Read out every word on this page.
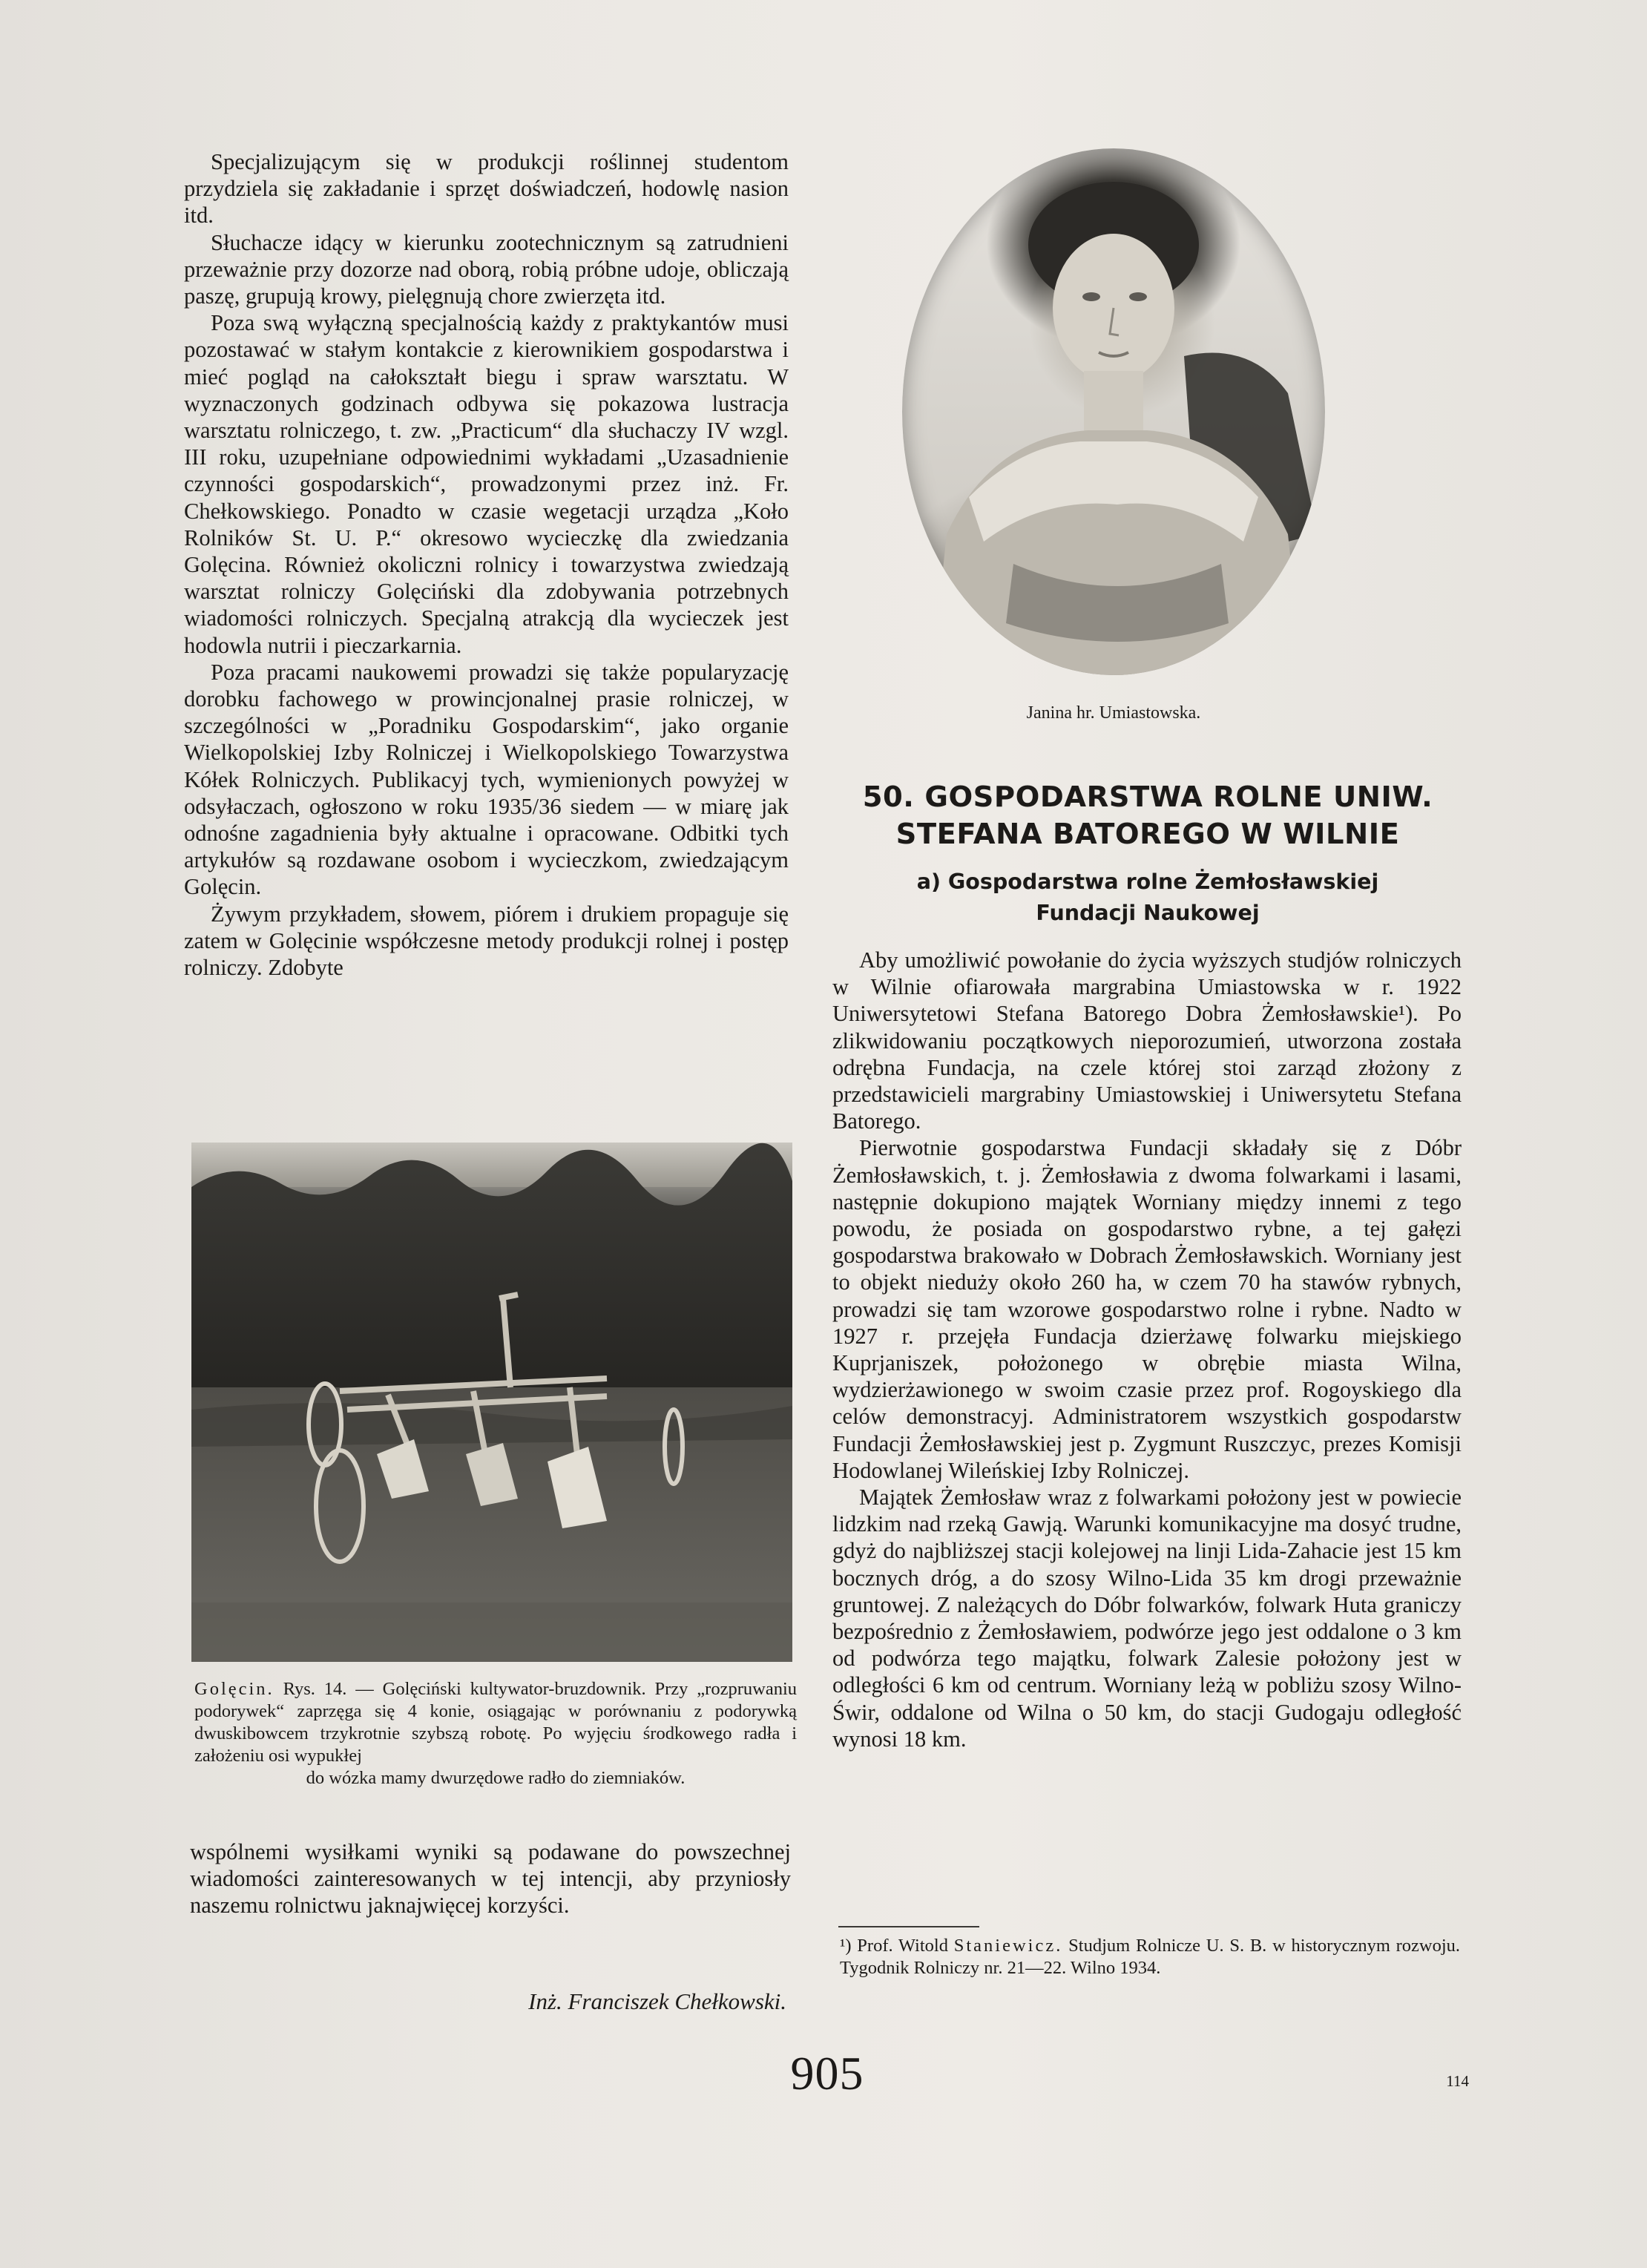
Specjalizującym się w produkcji roślinnej studentom przydziela się zakładanie i sprzęt doświadczeń, hodowlę nasion itd.

Słuchacze idący w kierunku zootechnicznym są zatrudnieni przeważnie przy dozorze nad oborą, robią próbne udoje, obliczają paszę, grupują krowy, pielęgnują chore zwierzęta itd.

Poza swą wyłączną specjalnością każdy z praktykantów musi pozostawać w stałym kontakcie z kierownikiem gospodarstwa i mieć pogląd na całokształt biegu i spraw warsztatu. W wyznaczonych godzinach odbywa się pokazowa lustracja warsztatu rolniczego, t. zw. „Practicum“ dla słuchaczy IV wzgl. III roku, uzupełniane odpowiednimi wykładami „Uzasadnienie czynności gospodarskich“, prowadzonymi przez inż. Fr. Chełkowskiego. Ponadto w czasie wegetacji urządza „Koło Rolników St. U. P.“ okresowo wycieczkę dla zwiedzania Golęcina. Również okoliczni rolnicy i towarzystwa zwiedzają warsztat rolniczy Golęciński dla zdobywania potrzebnych wiadomości rolniczych. Specjalną atrakcją dla wycieczek jest hodowla nutrii i pieczarkarnia.

Poza pracami naukowemi prowadzi się także popularyzację dorobku fachowego w prowincjonalnej prasie rolniczej, w szczególności w „Poradniku Gospodarskim“, jako organie Wielkopolskiej Izby Rolniczej i Wielkopolskiego Towarzystwa Kółek Rolniczych. Publikacyj tych, wymienionych powyżej w odsyłaczach, ogłoszono w roku 1935/36 siedem — w miarę jak odnośne zagadnienia były aktualne i opracowane. Odbitki tych artykułów są rozdawane osobom i wycieczkom, zwiedzającym Golęcin.

Żywym przykładem, słowem, piórem i drukiem propaguje się zatem w Golęcinie współczesne metody produkcji rolnej i postęp rolniczy. Zdobyte

Golęcin. Rys. 14. — Golęciński kultywator-bruzdownik. Przy „rozpruwaniu podorywek“ zaprzęga się 4 konie, osiągając w porównaniu z podorywką dwuskibowcem trzykrotnie szybszą robotę. Po wyjęciu środkowego radła i założeniu osi wypukłej
do wózka mamy dwurzędowe radło do ziemniaków.

wspólnemi wysiłkami wyniki są podawane do powszechnej wiadomości zainteresowanych w tej intencji, aby przyniosły naszemu rolnictwu jaknajwięcej korzyści.

Inż. Franciszek Chełkowski.
Janina hr. Umiastowska.
50. GOSPODARSTWA ROLNE UNIW.
STEFANA BATOREGO W WILNIE
a) Gospodarstwa rolne Żemłosławskiej
Fundacji Naukowej

Aby umożliwić powołanie do życia wyższych studjów rolniczych w Wilnie ofiarowała margrabina Umiastowska w r. 1922 Uniwersytetowi Stefana Batorego Dobra Żemłosławskie¹). Po zlikwidowaniu początkowych nieporozumień, utworzona została odrębna Fundacja, na czele której stoi zarząd złożony z przedstawicieli margrabiny Umiastowskiej i Uniwersytetu Stefana Batorego.

Pierwotnie gospodarstwa Fundacji składały się z Dóbr Żemłosławskich, t. j. Żemłosławia z dwoma folwarkami i lasami, następnie dokupiono majątek Worniany między innemi z tego powodu, że posiada on gospodarstwo rybne, a tej gałęzi gospodarstwa brakowało w Dobrach Żemłosławskich. Worniany jest to objekt nieduży około 260 ha, w czem 70 ha stawów rybnych, prowadzi się tam wzorowe gospodarstwo rolne i rybne. Nadto w 1927 r. przejęła Fundacja dzierżawę folwarku miejskiego Kuprjaniszek, położonego w obrębie miasta Wilna, wydzierżawionego w swoim czasie przez prof. Rogoyskiego dla celów demonstracyj. Administratorem wszystkich gospodarstw Fundacji Żemłosławskiej jest p. Zygmunt Ruszczyc, prezes Komisji Hodowlanej Wileńskiej Izby Rolniczej.

Majątek Żemłosław wraz z folwarkami położony jest w powiecie lidzkim nad rzeką Gawją. Warunki komunikacyjne ma dosyć trudne, gdyż do najbliższej stacji kolejowej na linji Lida-Zahacie jest 15 km bocznych dróg, a do szosy Wilno-Lida 35 km drogi przeważnie gruntowej. Z należących do Dóbr folwarków, folwark Huta graniczy bezpośrednio z Żemłosławiem, podwórze jego jest oddalone o 3 km od podwórza tego majątku, folwark Zalesie położony jest w odległości 6 km od centrum. Worniany leżą w pobliżu szosy Wilno-Świr, oddalone od Wilna o 50 km, do stacji Gudogaju odległość wynosi 18 km.

¹) Prof. Witold Staniewicz. Studjum Rolnicze U. S. B. w historycznym rozwoju. Tygodnik Rolniczy nr. 21—22. Wilno 1934.
905	114
